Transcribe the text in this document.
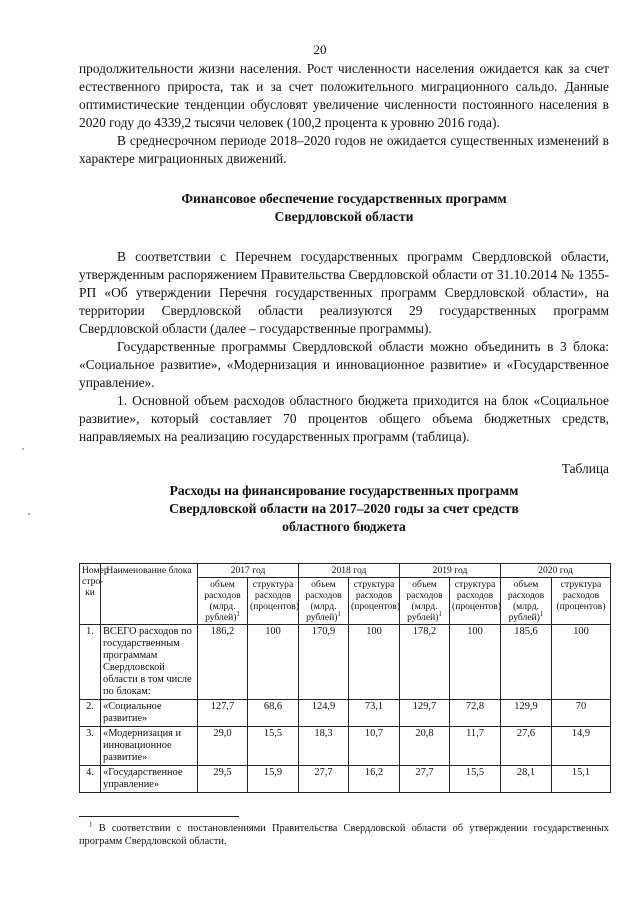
20

продолжительности жизни населения. Рост численности населения ожидается как за счет естественного прироста, так и за счет положительного миграционного сальдо. Данные оптимистические тенденции обусловят увеличение численности постоянного населения в 2020 году до 4339,2 тысячи человек (100,2 процента к уровню 2016 года).

В среднесрочном периоде 2018–2020 годов не ожидается существенных изменений в характере миграционных движений.

Финансовое обеспечение государственных программ

Свердловской области

В соответствии с Перечнем государственных программ Свердловской области, утвержденным распоряжением Правительства Свердловской области от 31.10.2014 № 1355-РП «Об утверждении Перечня государственных программ Свердловской области», на территории Свердловской области реализуются 29 государственных программ Свердловской области (далее – государственные программы).

Государственные программы Свердловской области можно объединить в 3 блока: «Социальное развитие», «Модернизация и инновационное развитие» и «Государственное управление».

1. Основной объем расходов областного бюджета приходится на блок «Социальное развитие», который составляет 70 процентов общего объема бюджетных средств, направляемых на реализацию государственных программ (таблица).

Таблица

Расходы на финансирование государственных программ

Свердловской области на 2017–2020 годы за счет средств

областного бюджета

Номер стро-ки	Наименование блока	2017 год		2018 год		2019 год		2020 год	
		объем расходов (млрд. рублей)$^1$	структура расходов (процентов)	объем расходов (млрд. рублей)$^1$	структура расходов (процентов)	объем расходов (млрд. рублей)$^1$	структура расходов (процентов)	объем расходов (млрд. рублей)$^1$	структура расходов (процентов)
1.	ВСЕГО расходов по государственным программам Свердловской области в том числе по блокам:	186,2	100	170,9	100	178,2	100	185,6	100
2.	«Социальное развитие»	127,7	68,6	124,9	73,1	129,7	72,8	129,9	70
3.	«Модернизация и инновационное развитие»	29,0	15,5	18,3	10,7	20,8	11,7	27,6	14,9
4.	«Государственное управление»	29,5	15,9	27,7	16,2	27,7	15,5	28,1	15,1
$^1$ В соответствии с постановлениями Правительства Свердловской области об утверждении государственных программ Свердловской области.
